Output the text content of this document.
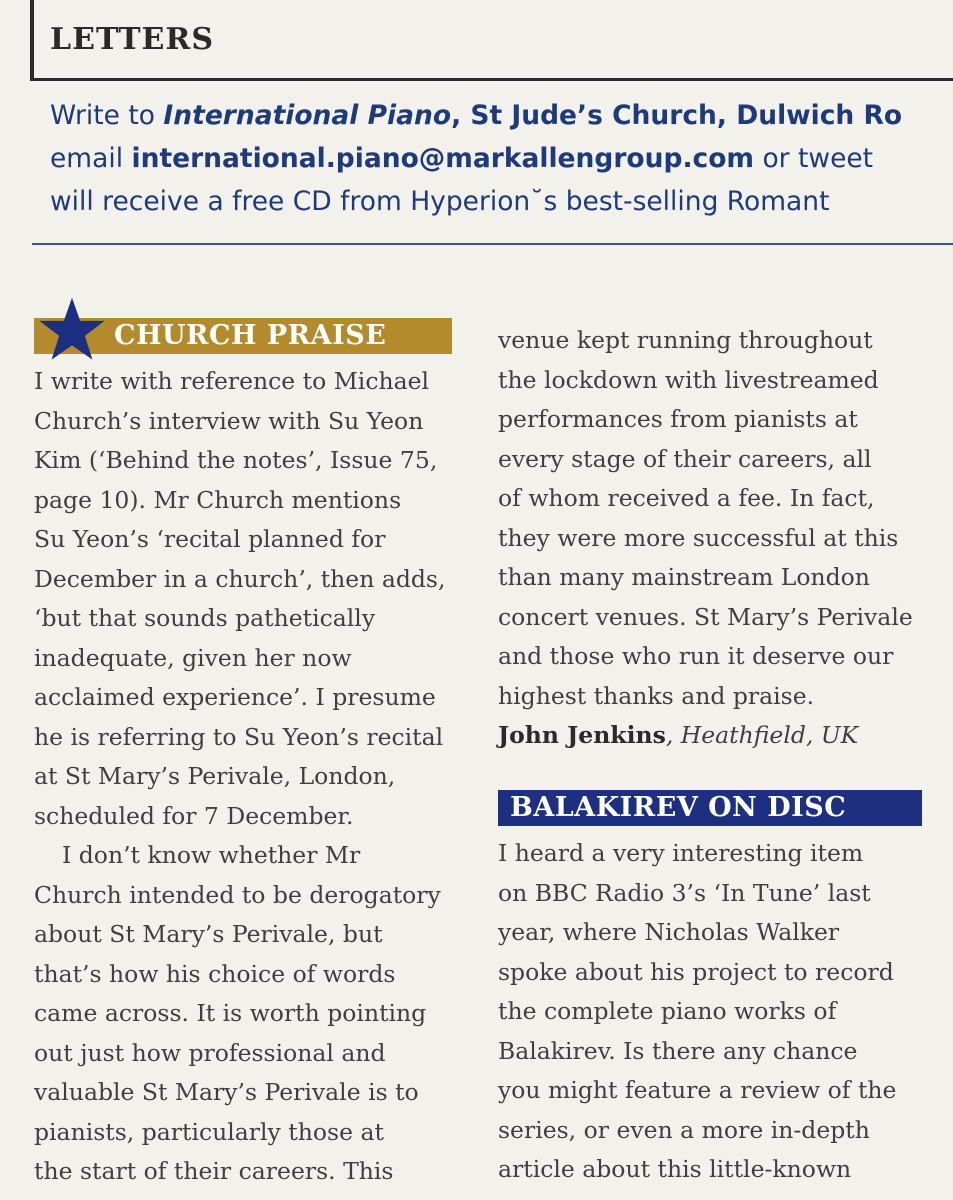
LETTERS
Write to International Piano, St Jude’s Church, Dulwich Ro
email international.piano@markallengroup.com or tweet
will receive a free CD from Hyperion˘s best-selling Romant
CHURCH PRAISE
I write with reference to Michael
Church’s interview with Su Yeon
Kim (‘Behind the notes’, Issue 75,
page 10). Mr Church mentions
Su Yeon’s ‘recital planned for
December in a church’, then adds,
‘but that sounds pathetically
inadequate, given her now
acclaimed experience’. I presume
he is referring to Su Yeon’s recital
at St Mary’s Perivale, London,
scheduled for 7 December.
I don’t know whether Mr
Church intended to be derogatory
about St Mary’s Perivale, but
that’s how his choice of words
came across. It is worth pointing
out just how professional and
valuable St Mary’s Perivale is to
pianists, particularly those at
the start of their careers. This
venue kept running throughout
the lockdown with livestreamed
performances from pianists at
every stage of their careers, all
of whom received a fee. In fact,
they were more successful at this
than many mainstream London
concert venues. St Mary’s Perivale
and those who run it deserve our
highest thanks and praise.
John Jenkins, Heathfield, UK
BALAKIREV ON DISC
I heard a very interesting item
on BBC Radio 3’s ‘In Tune’ last
year, where Nicholas Walker
spoke about his project to record
the complete piano works of
Balakirev. Is there any chance
you might feature a review of the
series, or even a more in-depth
article about this little-known
